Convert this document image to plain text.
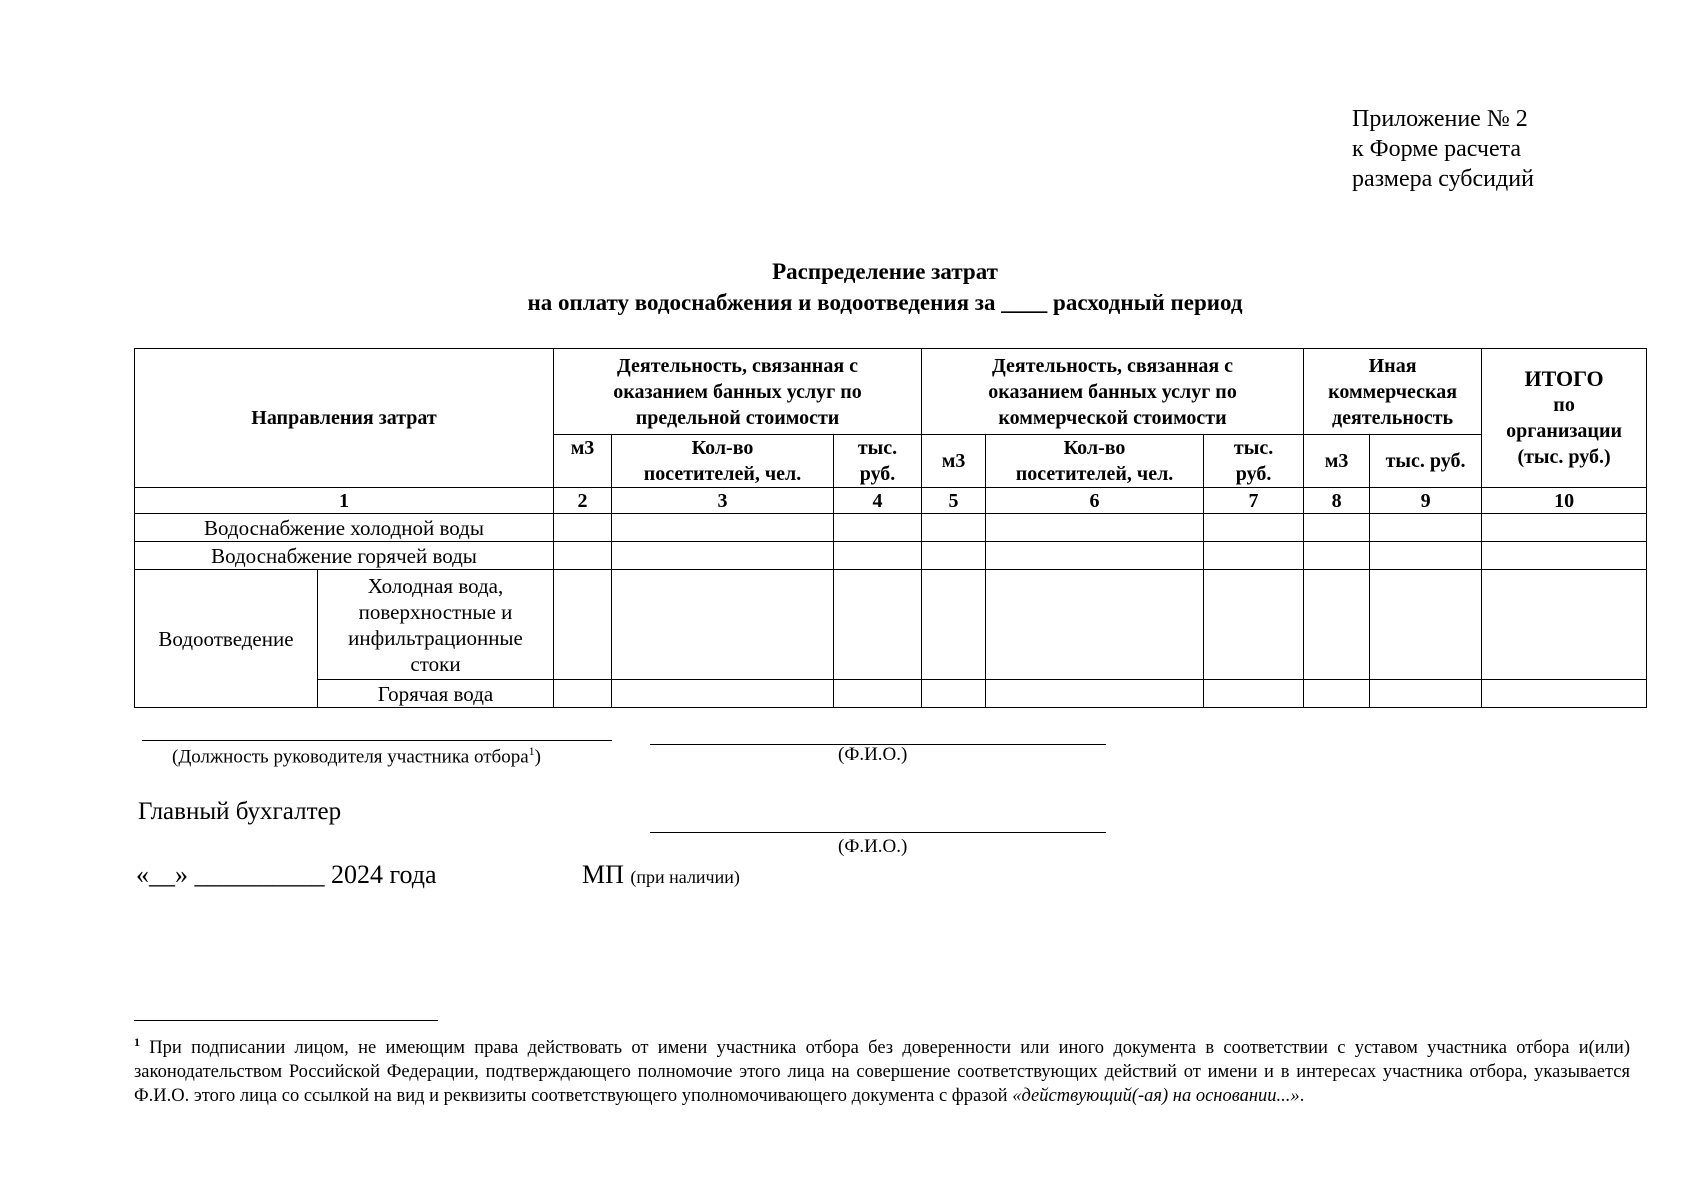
Приложение № 2
к Форме расчета
размера субсидий
Распределение затрат
на оплату водоснабжения и водоотведения за ____ расходный период
Направления затрат		Деятельность, связанная с оказанием банных услуг по предельной стоимости			Деятельность, связанная с оказанием банных услуг по коммерческой стоимости			Иная коммерческая деятельность		ИТОГО
по
организации
(тыс. руб.)

		м3	Кол-во посетителей, чел.	тыс. руб.	м3	Кол-во посетителей, чел.	тыс. руб.	м3	тыс. руб.	
1		2	3	4	5	6	7	8	9	10
Водоснабжение холодной воды										
Водоснабжение горячей воды										
Водоотведение	Холодная вода, поверхностные и инфильтрационные стоки									
	Горячая вода									
(Должность руководителя участника отбора$^1$)	(Ф.И.О.)
Главный бухгалтер
(Ф.И.О.)
«__» __________ 2024 года	МП (при наличии)
$^1$ При подписании лицом, не имеющим права действовать от имени участника отбора без доверенности или иного документа в соответствии с уставом участника отбора и(или) законодательством Российской Федерации, подтверждающего полномочие этого лица на совершение соответствующих действий от имени и в интересах участника отбора, указывается Ф.И.О. этого лица со ссылкой на вид и реквизиты соответствующего уполномочивающего документа с фразой «действующий(-ая) на основании...».
